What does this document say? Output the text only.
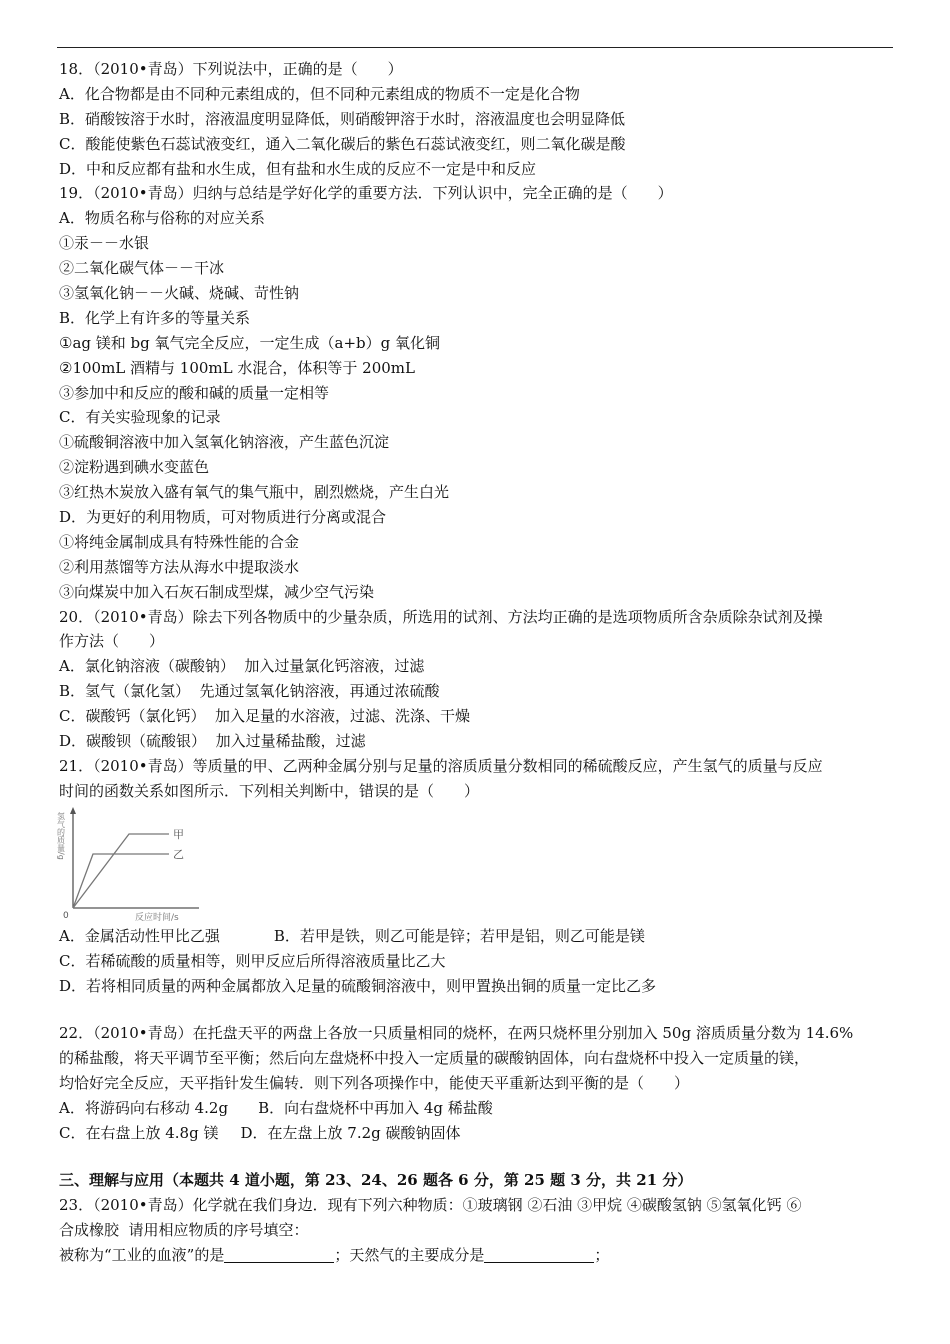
18．（2010•青岛）下列说法中，正确的是（　　）
A．化合物都是由不同种元素组成的，但不同种元素组成的物质不一定是化合物
B．硝酸铵溶于水时，溶液温度明显降低，则硝酸钾溶于水时，溶液温度也会明显降低
C．酸能使紫色石蕊试液变红，通入二氧化碳后的紫色石蕊试液变红，则二氧化碳是酸
D．中和反应都有盐和水生成，但有盐和水生成的反应不一定是中和反应
19．（2010•青岛）归纳与总结是学好化学的重要方法．下列认识中，完全正确的是（　　）
A．物质名称与俗称的对应关系
①汞－－水银
②二氧化碳气体－－干冰
③氢氧化钠－－火碱、烧碱、苛性钠
B．化学上有许多的等量关系
①ag 镁和 bg 氧气完全反应，一定生成（a+b）g 氧化铜
②100mL 酒精与 100mL 水混合，体积等于 200mL
③参加中和反应的酸和碱的质量一定相等
C．有关实验现象的记录
①硫酸铜溶液中加入氢氧化钠溶液，产生蓝色沉淀
②淀粉遇到碘水变蓝色
③红热木炭放入盛有氧气的集气瓶中，剧烈燃烧，产生白光
D．为更好的利用物质，可对物质进行分离或混合
①将纯金属制成具有特殊性能的合金
②利用蒸馏等方法从海水中提取淡水
③向煤炭中加入石灰石制成型煤，减少空气污染
20．（2010•青岛）除去下列各物质中的少量杂质，所选用的试剂、方法均正确的是选项物质所含杂质除杂试剂及操
作方法（　　）
A．氯化钠溶液（碳酸钠）  加入过量氯化钙溶液，过滤
B．氢气（氯化氢）  先通过氢氧化钠溶液，再通过浓硫酸
C．碳酸钙（氯化钙）  加入足量的水溶液，过滤、洗涤、干燥
D．碳酸钡（硫酸银）  加入过量稀盐酸，过滤
21．（2010•青岛）等质量的甲、乙两种金属分别与足量的溶质质量分数相同的稀硫酸反应，产生氢气的质量与反应
时间的函数关系如图所示．下列相关判断中，错误的是（　　）
甲
乙
0	反应时间/s
氢气的质量/g
A．金属活动性甲比乙强	B．若甲是铁，则乙可能是锌；若甲是铝，则乙可能是镁
C．若稀硫酸的质量相等，则甲反应后所得溶液质量比乙大
D．若将相同质量的两种金属都放入足量的硫酸铜溶液中，则甲置换出铜的质量一定比乙多
22．（2010•青岛）在托盘天平的两盘上各放一只质量相同的烧杯，在两只烧杯里分别加入 50g 溶质质量分数为 14.6%
的稀盐酸，将天平调节至平衡；然后向左盘烧杯中投入一定质量的碳酸钠固体，向右盘烧杯中投入一定质量的镁，
均恰好完全反应，天平指针发生偏转．则下列各项操作中，能使天平重新达到平衡的是（　　）
A．将游码向右移动 4.2g B．向右盘烧杯中再加入 4g 稀盐酸
C．在右盘上放 4.8g 镁 D．在左盘上放 7.2g 碳酸钠固体
三、理解与应用（本题共 4 道小题，第 23、24、26 题各 6 分，第 25 题 3 分，共 21 分）
23．（2010•青岛）化学就在我们身边．现有下列六种物质：①玻璃钢 ②石油 ③甲烷 ④碳酸氢钠 ⑤氢氧化钙 ⑥
合成橡胶  请用相应物质的序号填空：
被称为“工业的血液”的是	；天然气的主要成分是	；
